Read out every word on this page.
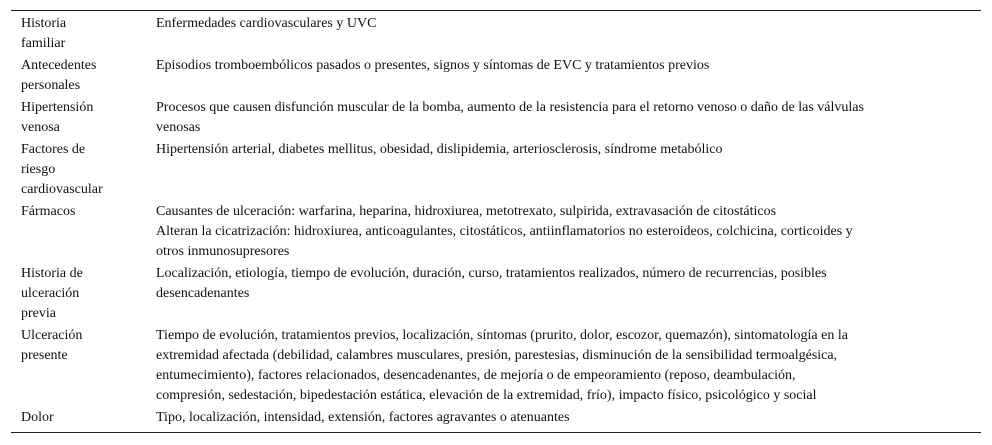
Historia
familiar	Enfermedades cardiovasculares y UVC

Antecedentes
personales	Episodios tromboembólicos pasados o presentes, signos y síntomas de EVC y tratamientos previos

Hipertensión
venosa	Procesos que causen disfunción muscular de la bomba, aumento de la resistencia para el retorno venoso o daño de las válvulas
venosas

Factores de
riesgo
cardiovascular	Hipertensión arterial, diabetes mellitus, obesidad, dislipidemia, arteriosclerosis, síndrome metabólico

Fármacos	Causantes de ulceración: warfarina, heparina, hidroxiurea, metotrexato, sulpirida, extravasación de citostáticos
Alteran la cicatrización: hidroxiurea, anticoagulantes, citostáticos, antiinflamatorios no esteroideos, colchicina, corticoides y
otros inmunosupresores

Historia de
ulceración
previa	Localización, etiología, tiempo de evolución, duración, curso, tratamientos realizados, número de recurrencias, posibles
desencadenantes

Ulceración
presente	Tiempo de evolución, tratamientos previos, localización, síntomas (prurito, dolor, escozor, quemazón), sintomatología en la
extremidad afectada (debilidad, calambres musculares, presión, parestesias, disminución de la sensibilidad termoalgésica,
entumecimiento), factores relacionados, desencadenantes, de mejoría o de empeoramiento (reposo, deambulación,
compresión, sedestación, bipedestación estática, elevación de la extremidad, frío), impacto físico, psicológico y social

Dolor	Tipo, localización, intensidad, extensión, factores agravantes o atenuantes
